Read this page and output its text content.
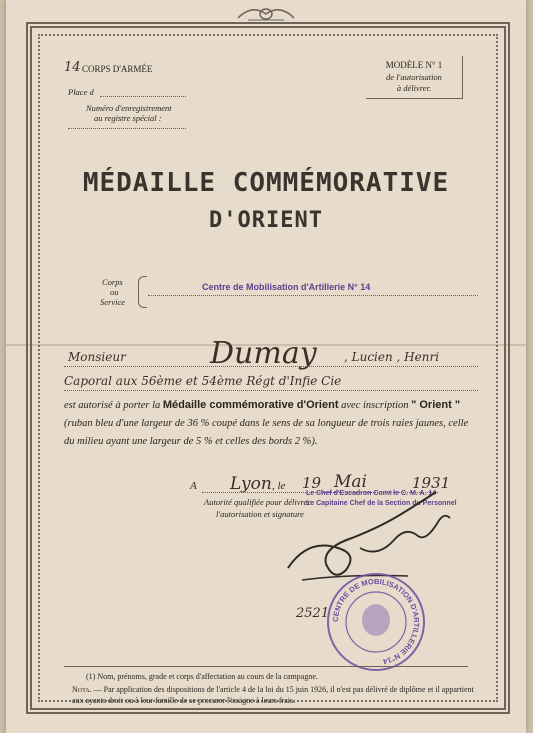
14 CORPS D'ARMÉE
Place d
Numéro d'enregistrement
au registre spécial :
MODÈLE N° 1
de l'autorisation
à délivrer.
MÉDAILLE COMMÉMORATIVE
D'ORIENT
Corps
ou
Service
Centre de Mobilisation d'Artillerie N° 14
Monsieur	Dumay , Lucien , Henri
Caporal aux 56ème et 54ème Régt d'Infie Cie
est autorisé à porter la Médaille commémorative d'Orient avec inscription " Orient " (ruban bleu d'une largeur de 36 % coupé dans le sens de sa longueur de trois raies jaunes, celle du milieu ayant une largeur de 5 % et celles des bords 2 %).
A Lyon , le 19 Mai	1931
Autorité qualifiée pour délivrer
l'autorisation et signature
Le Chef d'Escadron Comt le C. M. A. 14
Le Capitaine Chef de la Section du Personnel
2521 CENTRE DE MOBILISATION D'ARTILLERIE N°14
(1) Nom, prénoms, grade et corps d'affectation au cours de la campagne.
Nota. — Par application des dispositions de l'article 4 de la loi du 15 juin 1926, il n'est pas délivré de diplôme et il appartient aux ayants droit ou à leur famille de se procurer l'insigne à leurs frais.
